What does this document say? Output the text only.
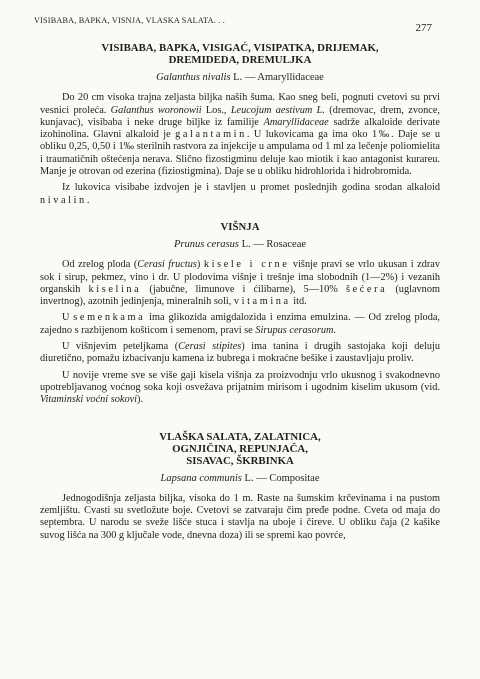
VISIBABA, BAPKA, VISNJA, VLASKA SALATA. . .
277
VISIBABA, BAPKA, VISIGAĆ, VISIPATKA, DRIJEMAK,
DREMIDEDA, DREMULJKA
Galanthus nivalis L. — Amaryllidaceae

Do 20 cm visoka trajna zeljasta biljka naših šuma. Kao sneg beli, pognuti cvetovi su prvi vesnici proleća. Galanthus woronowii Los., Leucojum aestivum L. (dremovac, drem, zvonce, kunjavac), visibaba i neke druge biljke iz familije Amaryllidaceae sadrže alkaloide derivate izohinolina. Glavni alkaloid je galantamin. U lukovicama ga ima oko 1‰. Daje se u obliku 0,25, 0,50 i 1‰ sterilnih rastvora za injekcije u ampulama od 1 ml za lečenje poliomielita i traumatičnih oštećenja nerava. Slično fizostigminu deluje kao miotik i kao antagonist kurareu. Manje je otrovan od ezerina (fiziostigmina). Daje se u obliku hidrohlorida i hidrobromida.

Iz lukovica visibabe izdvojen je i stavljen u promet poslednjih godina srodan alkaloid nivalin.

VIŠNJA
Prunus cerasus L. — Rosaceae

Od zrelog ploda (Cerasi fructus) kisele i crne višnje pravi se vrlo ukusan i zdrav sok i sirup, pekmez, vino i dr. U plodovima višnje i trešnje ima slobodnih (1—2%) i vezanih organskih kiselina (jabučne, limunove i ćilibarne), 5—10% šećera (uglavnom invertnog), azotnih jedinjenja, mineralnih soli, vitamina itd.

U semenkama ima glikozida amigdalozida i enzima emulzina. — Od zrelog ploda, zajedno s razbijenom košticom i semenom, pravi se Sirupus cerasorum.

U višnjevim peteljkama (Cerasi stipites) ima tanina i drugih sastojaka koji deluju diuretično, pomažu izbacivanju kamena iz bubrega i mokraćne bešike i zaustavljaju proliv.

U novije vreme sve se više gaji kisela višnja za proizvodnju vrlo ukusnog i svakodnevno upotrebljavanog voćnog soka koji osvežava prijatnim mirisom i ugodnim kiselim ukusom (vid. Vitaminski voćni sokovi).

VLAŠKA SALATA, ZALATNICA,
OGNJIČINA, REPUNJAČA,
SISAVAC, ŠKRBINKA
Lapsana communis L. — Compositae

Jednogodišnja zeljasta biljka, visoka do 1 m. Raste na šumskim krčevinama i na pustom zemljištu. Cvasti su svetložute boje. Cvetovi se zatvaraju čim pređe podne. Cveta od maja do septembra. U narodu se sveže lišće stuca i stavlja na uboje i čireve. U obliku čaja (2 kašike suvog lišća na 300 g ključale vode, dnevna doza) ili se spremi kao povrće,
